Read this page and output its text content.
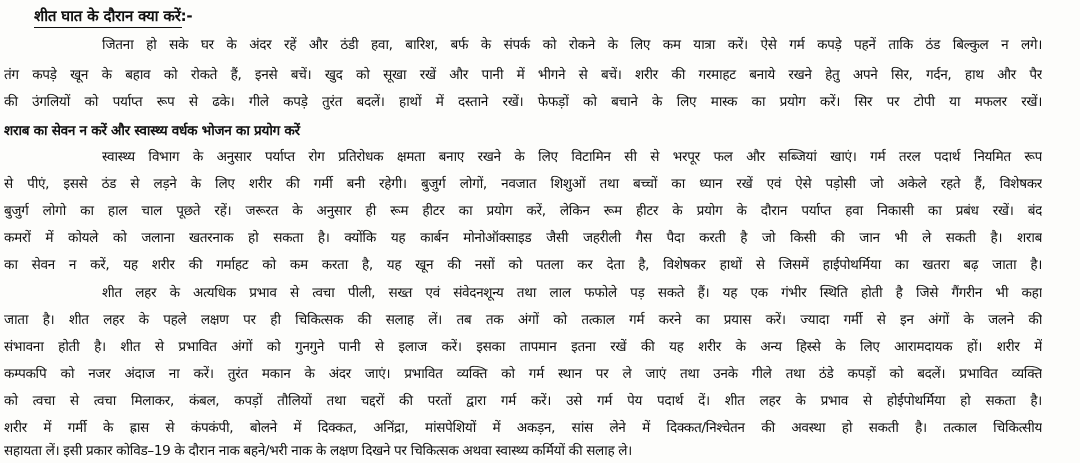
शीत घात के दौरान क्या करें:-
जितना हो सके घर के अंदर रहें और ठंडी हवा, बारिश, बर्फ के संपर्क को रोकने के लिए कम यात्रा करें। ऐसे गर्म कपड़े पहनें ताकि ठंड बिल्कुल न लगे।
तंग कपड़े खून के बहाव को रोकते हैं, इनसे बचें। खुद को सूखा रखें और पानी में भीगने से बचें। शरीर की गरमाहट बनाये रखने हेतु अपने सिर, गर्दन, हाथ और पैर
की उंगलियों को पर्याप्त रूप से ढके। गीले कपड़े तुरंत बदलें। हाथों में दस्ताने रखें। फेफड़ों को बचाने के लिए मास्क का प्रयोग करें। सिर पर टोपी या मफलर रखें।
शराब का सेवन न करें और स्वास्थ्य वर्धक भोजन का प्रयोग करें
स्वास्थ्य विभाग के अनुसार पर्याप्त रोग प्रतिरोधक क्षमता बनाए रखने के लिए विटामिन सी से भरपूर फल और सब्जियां खाएं। गर्म तरल पदार्थ नियमित रूप
से पीएं, इससे ठंड से लड़ने के लिए शरीर की गर्मी बनी रहेगी। बुजुर्ग लोगों, नवजात शिशुओं तथा बच्चों का ध्यान रखें एवं ऐसे पड़ोसी जो अकेले रहते हैं, विशेषकर
बुजुर्ग लोगो का हाल चाल पूछते रहें। जरूरत के अनुसार ही रूम हीटर का प्रयोग करें, लेकिन रूम हीटर के प्रयोग के दौरान पर्याप्त हवा निकासी का प्रबंध रखें। बंद
कमरों में कोयले को जलाना खतरनाक हो सकता है। क्योंकि यह कार्बन मोनोऑक्साइड जैसी जहरीली गैस पैदा करती है जो किसी की जान भी ले सकती है। शराब
का सेवन न करें, यह शरीर की गर्माहट को कम करता है, यह खून की नसों को पतला कर देता है, विशेषकर हाथों से जिसमें हाईपोथर्मिया का खतरा बढ़ जाता है।
शीत लहर के अत्यधिक प्रभाव से त्वचा पीली, सख्त एवं संवेदनशून्य तथा लाल फफोले पड़ सकते हैं। यह एक गंभीर स्थिति होती है जिसे गैंगरीन भी कहा
जाता है। शीत लहर के पहले लक्षण पर ही चिकित्सक की सलाह लें। तब तक अंगों को तत्काल गर्म करने का प्रयास करें। ज्यादा गर्मी से इन अंगों के जलने की
संभावना होती है। शीत से प्रभावित अंगों को गुनगुने पानी से इलाज करें। इसका तापमान इतना रखें की यह शरीर के अन्य हिस्से के लिए आरामदायक हों। शरीर में
कम्पकपि को नजर अंदाज ना करें। तुरंत मकान के अंदर जाएं। प्रभावित व्यक्ति को गर्म स्थान पर ले जाएं तथा उनके गीले तथा ठंडे कपड़ों को बदलें। प्रभावित व्यक्ति
को त्वचा से त्वचा मिलाकर, कंबल, कपड़ों तौलियों तथा चद्दरों की परतों द्वारा गर्म करें। उसे गर्म पेय पदार्थ दें। शीत लहर के प्रभाव से होईपोथर्मिया हो सकता है।
शरीर में गर्मी के ह्रास से कंपकंपी, बोलने में दिक्कत, अनिंद्रा, मांसपेशियों में अकड़न, सांस लेने में दिक्कत/निश्चेतन की अवस्था हो सकती है। तत्काल चिकित्सीय
सहायता लें। इसी प्रकार कोविड–19 के दौरान नाक बहने/भरी नाक के लक्षण दिखने पर चिकित्सक अथवा स्वास्थ्य कर्मियों की सलाह ले।
